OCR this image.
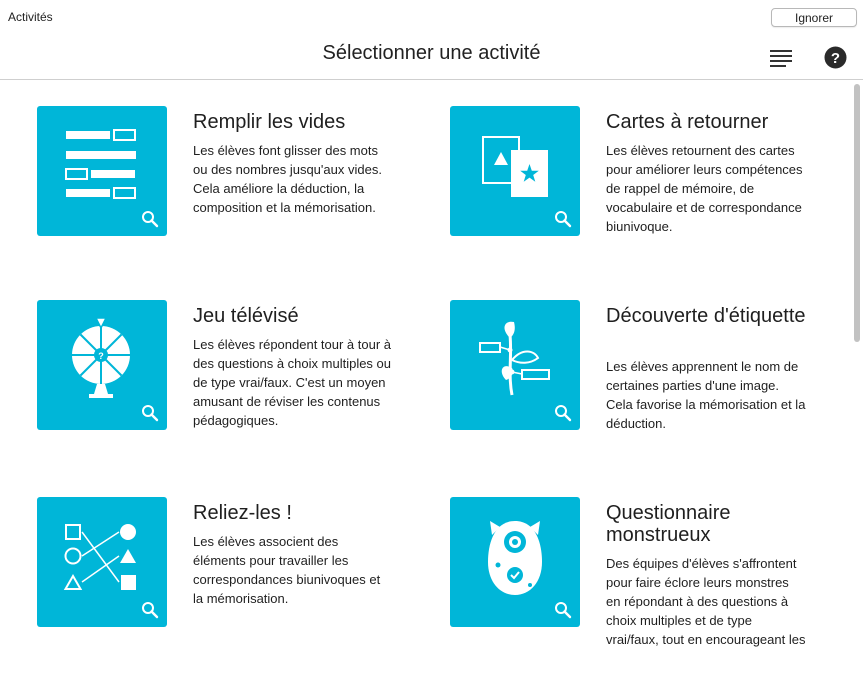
Activités	Ignorer
Sélectionner une activité	?
Remplir les vides
Les élèves font glisser des mots ou des nombres jusqu'aux vides. Cela améliore la déduction, la composition et la mémorisation.
Cartes à retourner
Les élèves retournent des cartes pour améliorer leurs compétences de rappel de mémoire, de vocabulaire et de correspondance biunivoque.
?
Jeu télévisé
Les élèves répondent tour à tour à des questions à choix multiples ou de type vrai/faux. C'est un moyen amusant de réviser les contenus pédagogiques.
Découverte d'étiquette
Les élèves apprennent le nom de certaines parties d'une image. Cela favorise la mémorisation et la déduction.
Reliez-les !
Les élèves associent des éléments pour travailler les correspondances biunivoques et la mémorisation.
Questionnaire monstrueux
Des équipes d'élèves s'affrontent pour faire éclore leurs monstres en répondant à des questions à choix multiples et de type vrai/faux, tout en encourageant les
